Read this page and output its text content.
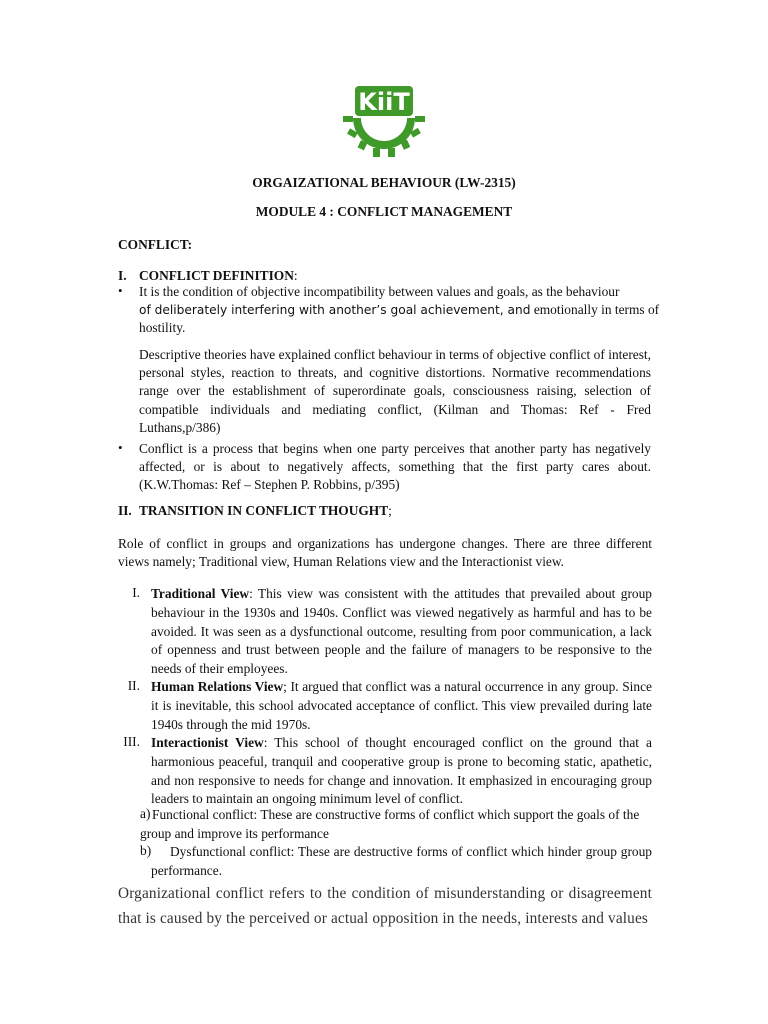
KiiT
ORGAIZATIONAL BEHAVIOUR (LW-2315)
MODULE 4 : CONFLICT MANAGEMENT
CONFLICT:
I. CONFLICT DEFINITION:
• It is the condition of objective incompatibility between values and goals, as the behaviour
of deliberately interfering with another’s goal achievement, and emotionally in terms of
hostility.
Descriptive theories have explained conflict behaviour in terms of objective conflict of interest, personal styles, reaction to threats, and cognitive distortions. Normative recommendations range over the establishment of superordinate goals, consciousness raising, selection of compatible individuals and mediating conflict, (Kilman and Thomas: Ref - Fred Luthans,p/386)
• Conflict is a process that begins when one party perceives that another party has negatively affected, or is about to negatively affects, something that the first party cares about. (K.W.Thomas: Ref – Stephen P. Robbins, p/395)
II. TRANSITION IN CONFLICT THOUGHT;
Role of conflict in groups and organizations has undergone changes. There are three different views namely; Traditional view, Human Relations view and the Interactionist view.
I. Traditional View: This view was consistent with the attitudes that prevailed about group behaviour in the 1930s and 1940s. Conflict was viewed negatively as harmful and has to be avoided. It was seen as a dysfunctional outcome, resulting from poor communication, a lack of openness and trust between people and the failure of managers to be responsive to the needs of their employees.
II. Human Relations View; It argued that conflict was a natural occurrence in any group. Since it is inevitable, this school advocated acceptance of conflict. This view prevailed during late 1940s through the mid 1970s.
III. Interactionist View: This school of thought encouraged conflict on the ground that a harmonious peaceful, tranquil and cooperative group is prone to becoming static, apathetic, and non responsive to needs for change and innovation. It emphasized in encouraging group leaders to maintain an ongoing minimum level of conflict.
a) Functional conflict: These are constructive forms of conflict which support the goals of the group and improve its performance
b)	Dysfunctional conflict: These are destructive forms of conflict which hinder group group performance.
Organizational conflict refers to the condition of misunderstanding or disagreement that is caused by the perceived or actual opposition in the needs, interests and values
